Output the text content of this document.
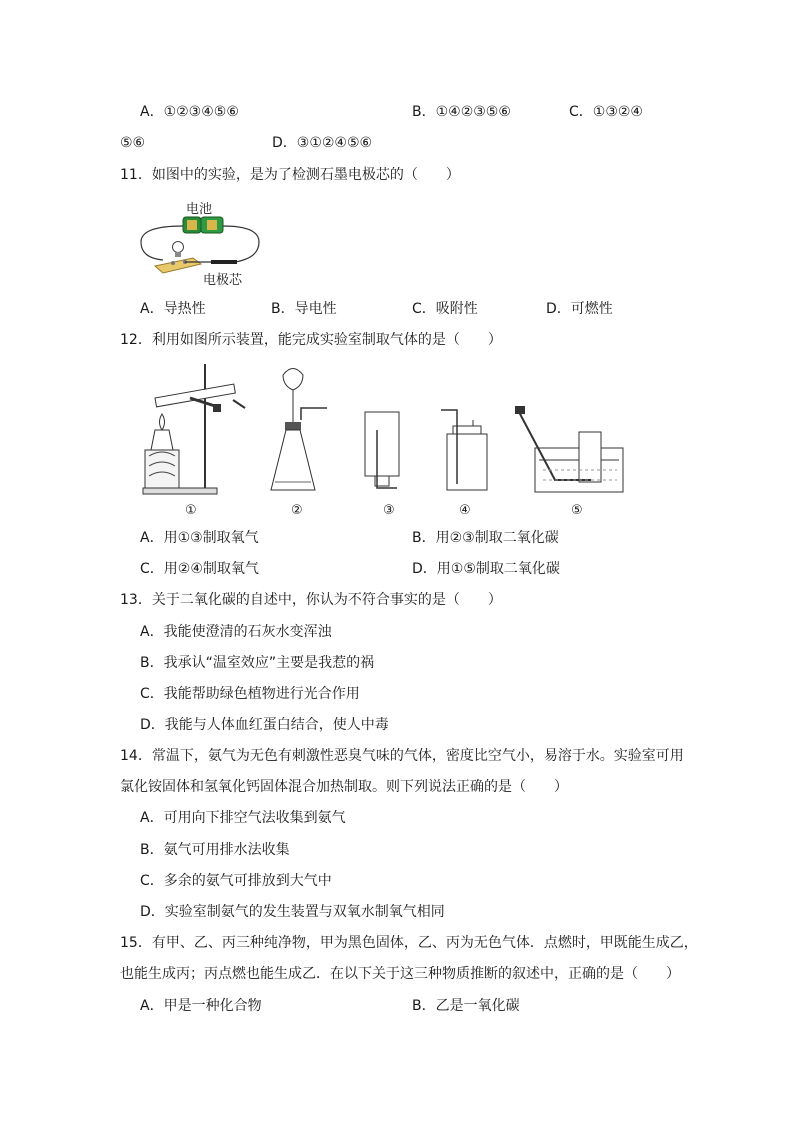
A．①②③④⑤⑥	B．①④②③⑤⑥	C．①③②④
⑤⑥	D．③①②④⑤⑥
11．如图中的实验，是为了检测石墨电极芯的（　　）
电池
电极芯
A．导热性	B．导电性	C．吸附性	D．可燃性
12．利用如图所示装置，能完成实验室制取气体的是（　　）
①	②	③	④	⑤
A．用①③制取氧气	B．用②③制取二氧化碳
C．用②④制取氧气	D．用①⑤制取二氧化碳
13．关于二氧化碳的自述中，你认为不符合事实的是（　　）
A．我能使澄清的石灰水变浑浊
B．我承认“温室效应”主要是我惹的祸
C．我能帮助绿色植物进行光合作用
D．我能与人体血红蛋白结合，使人中毒
14．常温下，氨气为无色有刺激性恶臭气味的气体，密度比空气小，易溶于水。实验室可用
氯化铵固体和氢氧化钙固体混合加热制取。则下列说法正确的是（　　）
A．可用向下排空气法收集到氨气
B．氨气可用排水法收集
C．多余的氨气可排放到大气中
D．实验室制氨气的发生装置与双氧水制氧气相同
15．有甲、乙、丙三种纯净物，甲为黑色固体，乙、丙为无色气体．点燃时，甲既能生成乙，
也能生成丙；丙点燃也能生成乙．在以下关于这三种物质推断的叙述中，正确的是（　　）
A．甲是一种化合物	B．乙是一氧化碳
